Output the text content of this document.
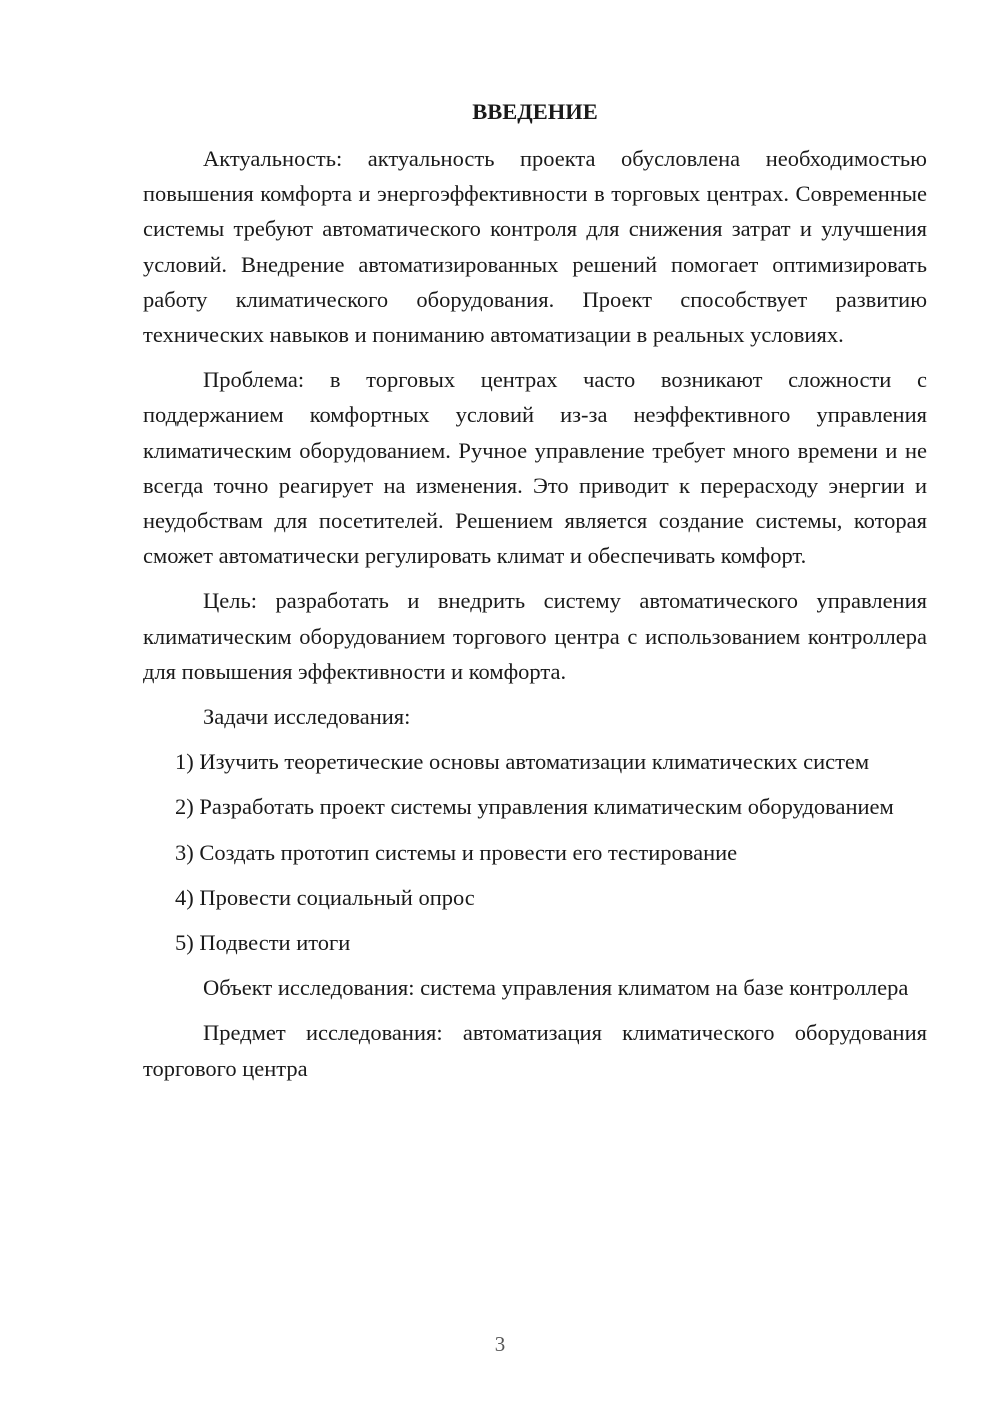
ВВЕДЕНИЕ

Актуальность: актуальность проекта обусловлена необходимостью повышения комфорта и энергоэффективности в торговых центрах. Современные системы требуют автоматического контроля для снижения затрат и улучшения условий. Внедрение автоматизированных решений помогает оптимизировать работу климатического оборудования. Проект способствует развитию технических навыков и пониманию автоматизации в реальных условиях.

Проблема: в торговых центрах часто возникают сложности с поддержанием комфортных условий из-за неэффективного управления климатическим оборудованием. Ручное управление требует много времени и не всегда точно реагирует на изменения. Это приводит к перерасходу энергии и неудобствам для посетителей. Решением является создание системы, которая сможет автоматически регулировать климат и обеспечивать комфорт.

Цель: разработать и внедрить систему автоматического управления климатическим оборудованием торгового центра с использованием контроллера для повышения эффективности и комфорта.

Задачи исследования:

1) Изучить теоретические основы автоматизации климатических систем

2) Разработать проект системы управления климатическим оборудованием

3) Создать прототип системы и провести его тестирование

4) Провести социальный опрос

5) Подвести итоги

Объект исследования: система управления климатом на базе контроллера

Предмет исследования: автоматизация климатического оборудования торгового центра

3
